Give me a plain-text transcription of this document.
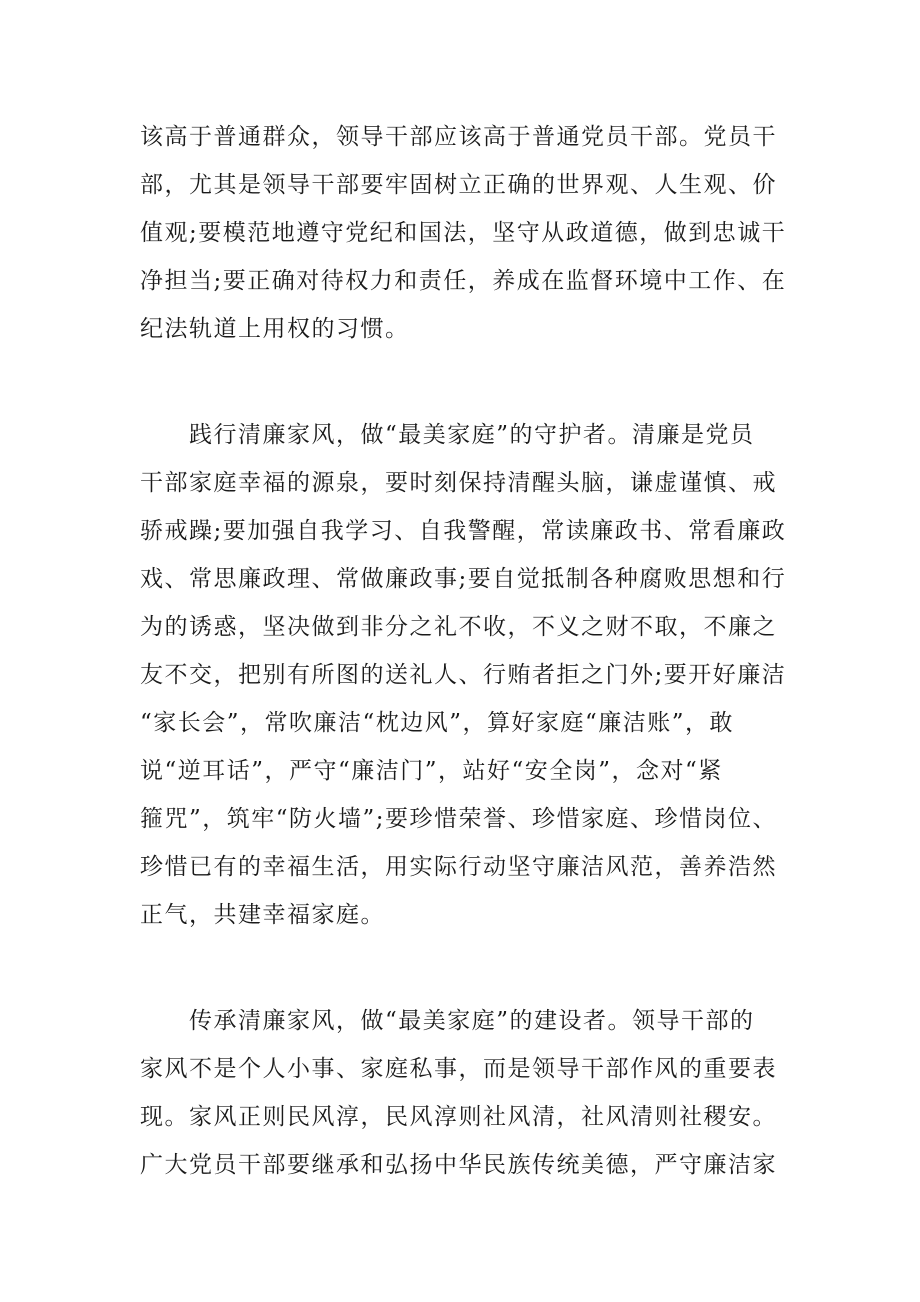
该高于普通群众，领导干部应该高于普通党员干部。党员干
部，尤其是领导干部要牢固树立正确的世界观、人生观、价
值观;要模范地遵守党纪和国法，坚守从政道德，做到忠诚干
净担当;要正确对待权力和责任，养成在监督环境中工作、在
纪法轨道上用权的习惯。

　　践行清廉家风，做“最美家庭”的守护者。清廉是党员
干部家庭幸福的源泉，要时刻保持清醒头脑，谦虚谨慎、戒
骄戒躁;要加强自我学习、自我警醒，常读廉政书、常看廉政
戏、常思廉政理、常做廉政事;要自觉抵制各种腐败思想和行
为的诱惑，坚决做到非分之礼不收，不义之财不取，不廉之
友不交，把别有所图的送礼人、行贿者拒之门外;要开好廉洁
“家长会”，常吹廉洁“枕边风”，算好家庭“廉洁账”，敢
说“逆耳话”，严守“廉洁门”，站好“安全岗”，念对“紧
箍咒”，筑牢“防火墙”;要珍惜荣誉、珍惜家庭、珍惜岗位、
珍惜已有的幸福生活，用实际行动坚守廉洁风范，善养浩然
正气，共建幸福家庭。

　　传承清廉家风，做“最美家庭”的建设者。领导干部的
家风不是个人小事、家庭私事，而是领导干部作风的重要表
现。家风正则民风淳，民风淳则社风清，社风清则社稷安。
广大党员干部要继承和弘扬中华民族传统美德，严守廉洁家
